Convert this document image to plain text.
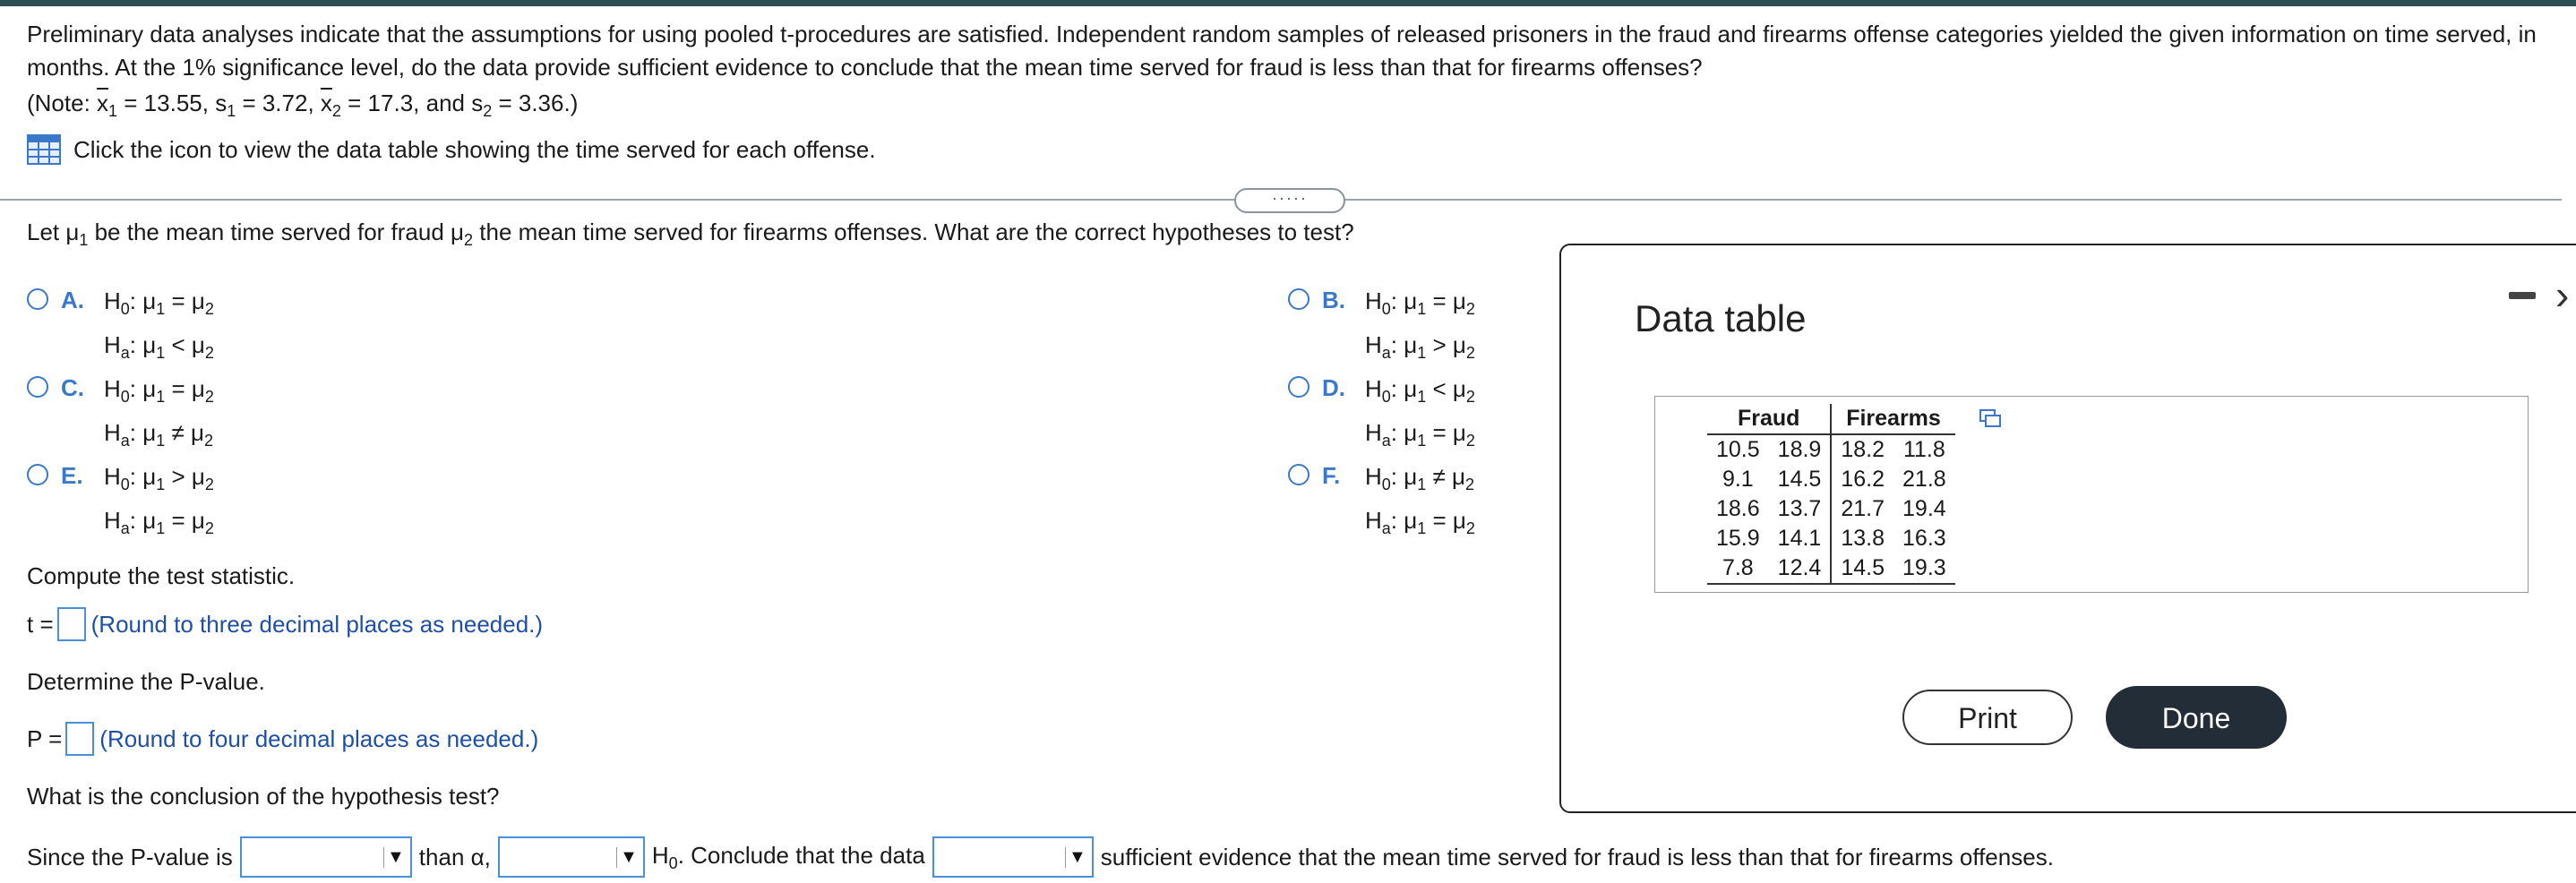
Preliminary data analyses indicate that the assumptions for using pooled t-procedures are satisfied. Independent random samples of released prisoners in the fraud and firearms offense categories yielded the given information on time served, in months. At the 1% significance level, do the data provide sufficient evidence to conclude that the mean time served for fraud is less than that for firearms offenses?
(Note: $\overline{x}_1 = 13.55$, $s_1 = 3.72$, $\overline{x}_2 = 17.3$, and $s_2 = 3.36$.)
Click the icon to view the data table showing the time served for each offense.
·····
Let $\mu_1$ be the mean time served for fraud $\mu_2$ the mean time served for firearms offenses. What are the correct hypotheses to test?
A. $H_0$: $\mu_1 = \mu_2$
$H_a$: $\mu_1 < \mu_2$
B. $H_0$: $\mu_1 = \mu_2$
$H_a$: $\mu_1 > \mu_2$
C. $H_0$: $\mu_1 = \mu_2$
$H_a$: $\mu_1 \ne \mu_2$
D. $H_0$: $\mu_1 < \mu_2$
$H_a$: $\mu_1 = \mu_2$
E. $H_0$: $\mu_1 > \mu_2$
$H_a$: $\mu_1 = \mu_2$
F.	$H_0$: $\mu_1 \ne \mu_2$
$H_a$: $\mu_1 = \mu_2$
Compute the test statistic.
t = (Round to three decimal places as needed.)
Determine the P-value.
P = (Round to four decimal places as needed.)
What is the conclusion of the hypothesis test?
Since the P-value is	▼ than α,	▼ $H_0$. Conclude that the data	▼ sufficient evidence that the mean time served for fraud is less than that for firearms offenses.
Data table
›
Fraud		Firearms	
10.5	18.9	18.2	11.8
9.1	14.5	16.2	21.8
18.6	13.7	21.7	19.4
15.9	14.1	13.8	16.3
7.8	12.4	14.5	19.3
Print	Done
